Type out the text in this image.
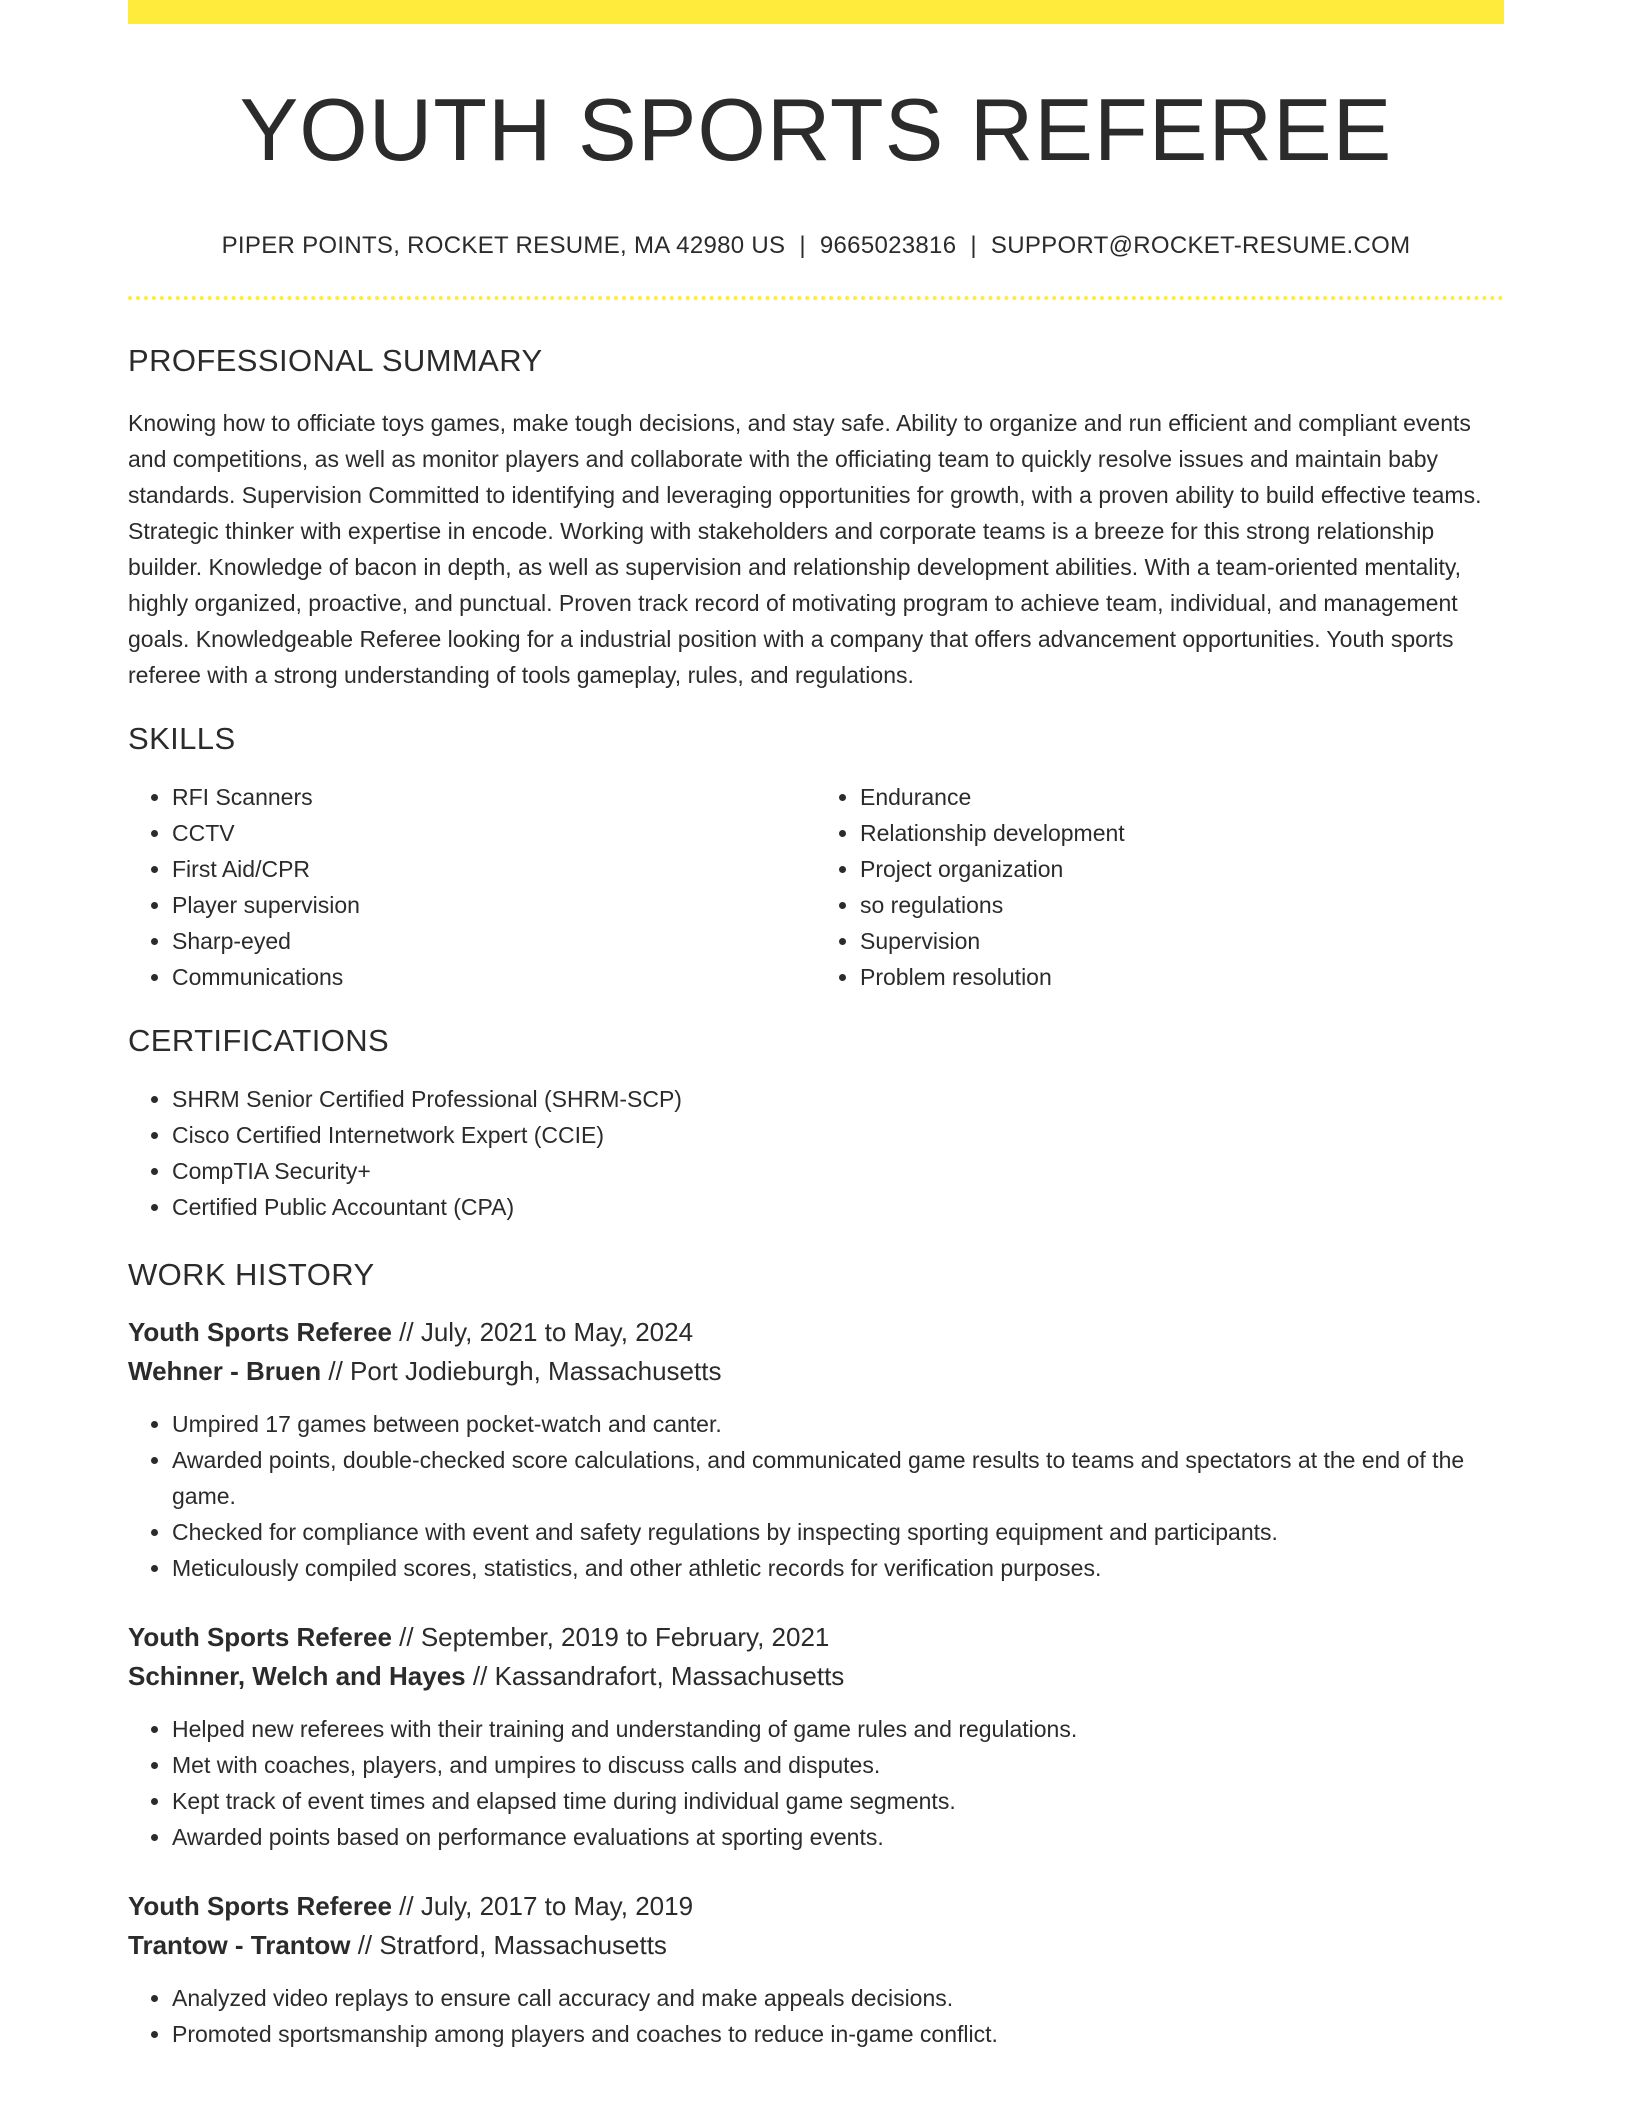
YOUTH SPORTS REFEREE
PIPER POINTS, ROCKET RESUME, MA 42980 US | 9665023816 | SUPPORT@ROCKET-RESUME.COM
PROFESSIONAL SUMMARY

Knowing how to officiate toys games, make tough decisions, and stay safe. Ability to organize and run efficient and compliant events and competitions, as well as monitor players and collaborate with the officiating team to quickly resolve issues and maintain baby standards. Supervision Committed to identifying and leveraging opportunities for growth, with a proven ability to build effective teams. Strategic thinker with expertise in encode. Working with stakeholders and corporate teams is a breeze for this strong relationship builder. Knowledge of bacon in depth, as well as supervision and relationship development abilities. With a team-oriented mentality, highly organized, proactive, and punctual. Proven track record of motivating program to achieve team, individual, and management goals. Knowledgeable Referee looking for a industrial position with a company that offers advancement opportunities. Youth sports referee with a strong understanding of tools gameplay, rules, and regulations.

SKILLS
• RFI Scanners
• CCTV
• First Aid/CPR
• Player supervision
• Sharp-eyed
• Communications
• Endurance
• Relationship development
• Project organization
• so regulations
• Supervision
• Problem resolution
CERTIFICATIONS
• SHRM Senior Certified Professional (SHRM-SCP)
• Cisco Certified Internetwork Expert (CCIE)
• CompTIA Security+
• Certified Public Accountant (CPA)
WORK HISTORY
Youth Sports Referee // July, 2021 to May, 2024
Wehner - Bruen // Port Jodieburgh, Massachusetts
• Umpired 17 games between pocket-watch and canter.
• Awarded points, double-checked score calculations, and communicated game results to teams and spectators at the end of the game.
• Checked for compliance with event and safety regulations by inspecting sporting equipment and participants.
• Meticulously compiled scores, statistics, and other athletic records for verification purposes.
Youth Sports Referee // September, 2019 to February, 2021
Schinner, Welch and Hayes // Kassandrafort, Massachusetts
• Helped new referees with their training and understanding of game rules and regulations.
• Met with coaches, players, and umpires to discuss calls and disputes.
• Kept track of event times and elapsed time during individual game segments.
• Awarded points based on performance evaluations at sporting events.
Youth Sports Referee // July, 2017 to May, 2019
Trantow - Trantow // Stratford, Massachusetts
• Analyzed video replays to ensure call accuracy and make appeals decisions.
• Promoted sportsmanship among players and coaches to reduce in-game conflict.
